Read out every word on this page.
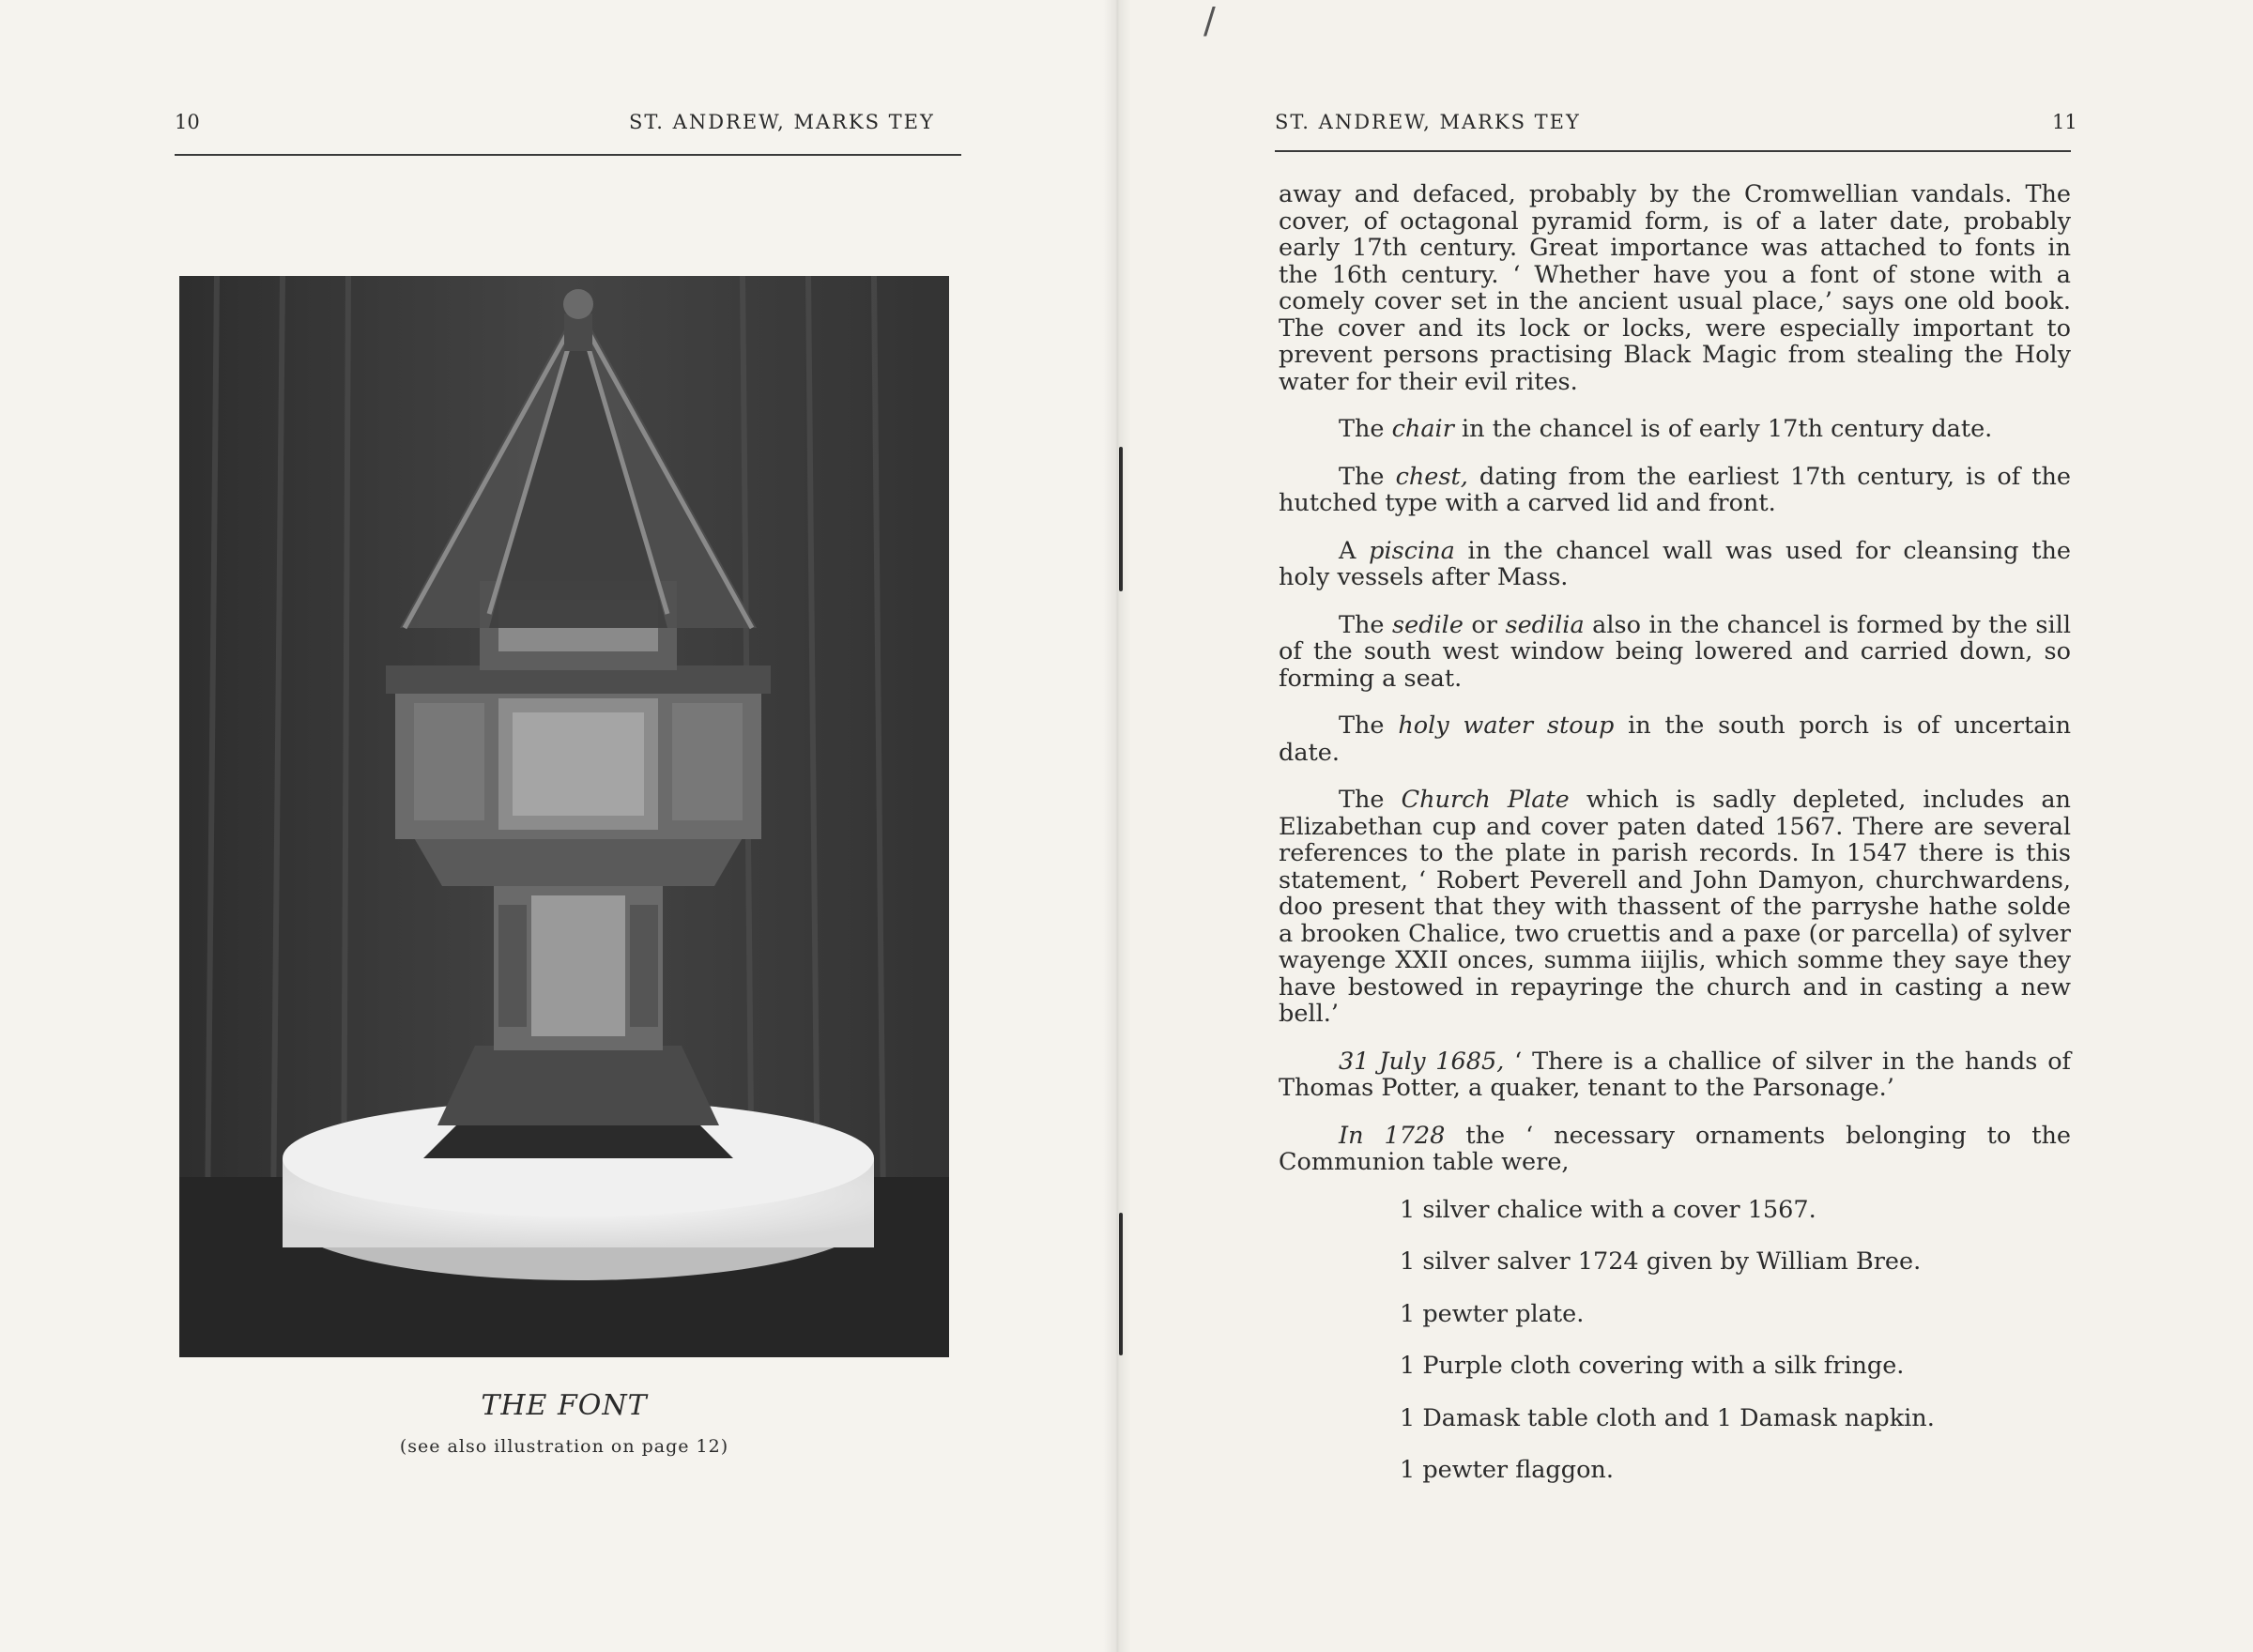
10	ST. ANDREW, MARKS TEY
THE FONT
(see also illustration on page 12)
/
ST. ANDREW, MARKS TEY	11

away and defaced, probably by the Cromwellian vandals. The cover, of octagonal pyramid form, is of a later date, probably early 17th century. Great importance was attached to fonts in the 16th century. ‘ Whether have you a font of stone with a comely cover set in the ancient usual place,’ says one old book. The cover and its lock or locks, were especially important to prevent persons practising Black Magic from stealing the Holy water for their evil rites.

The chair in the chancel is of early 17th century date.

The chest, dating from the earliest 17th century, is of the hutched type with a carved lid and front.

A piscina in the chancel wall was used for cleansing the holy vessels after Mass.

The sedile or sedilia also in the chancel is formed by the sill of the south west window being lowered and carried down, so forming a seat.

The holy water stoup in the south porch is of uncertain date.

The Church Plate which is sadly depleted, includes an Elizabethan cup and cover paten dated 1567. There are several references to the plate in parish records. In 1547 there is this statement, ‘ Robert Peverell and John Damyon, churchwardens, doo present that they with thassent of the parryshe hathe solde a brooken Chalice, two cruettis and a paxe (or parcella) of sylver wayenge XXII onces, summa iiijlis, which somme they saye they have bestowed in repayringe the church and in casting a new bell.’

31 July 1685, ‘ There is a challice of silver in the hands of Thomas Potter, a quaker, tenant to the Parsonage.’

In 1728 the ‘ necessary ornaments belonging to the Communion table were,

1 silver chalice with a cover 1567.

1 silver salver 1724 given by William Bree.

1 pewter plate.

1 Purple cloth covering with a silk fringe.

1 Damask table cloth and 1 Damask napkin.

1 pewter flaggon.
